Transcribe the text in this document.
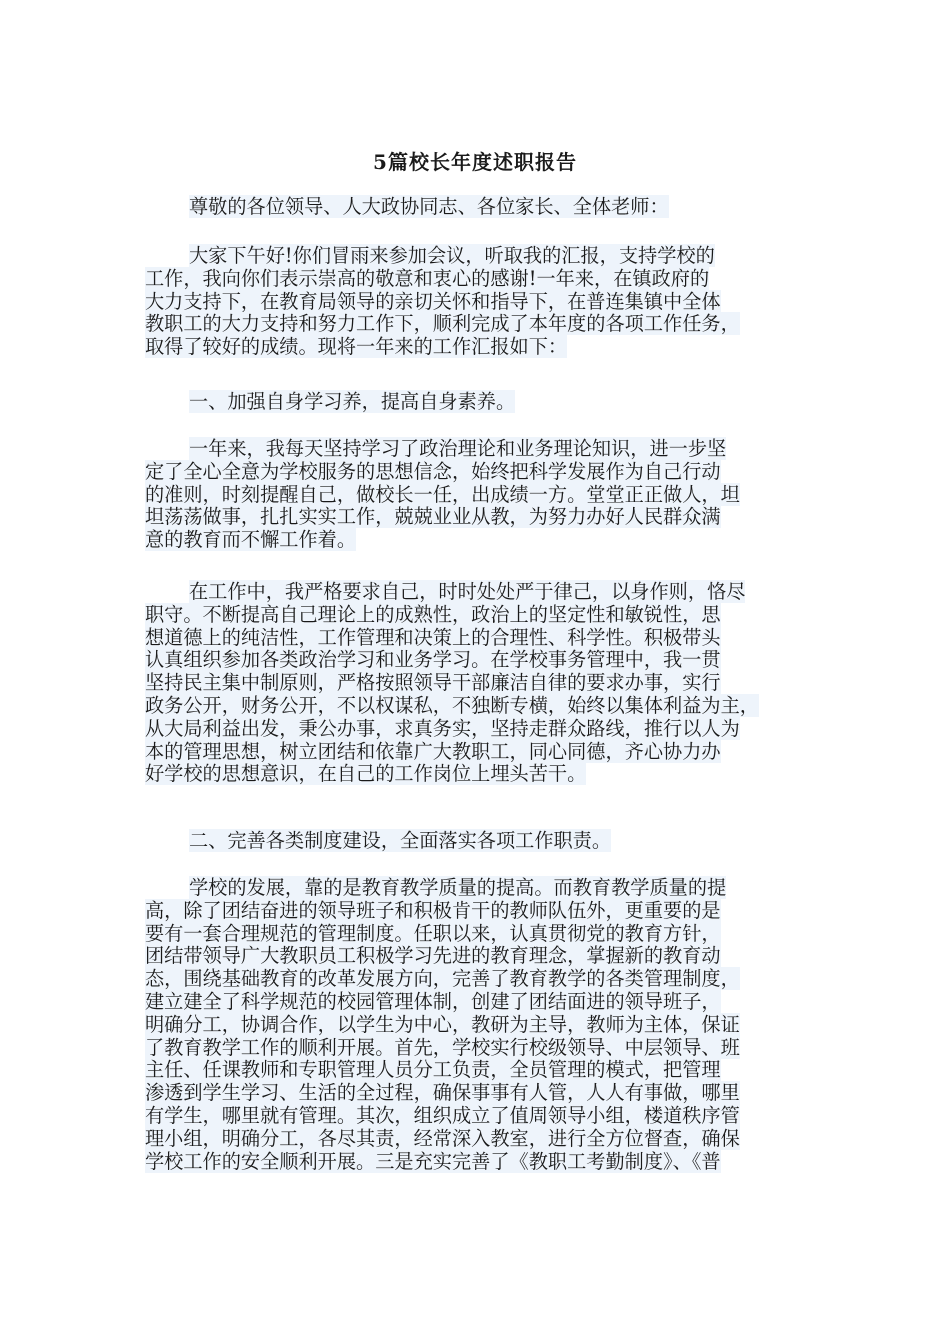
5篇校长年度述职报告
尊敬的各位领导、人大政协同志、各位家长、全体老师：
大家下午好!你们冒雨来参加会议，听取我的汇报，支持学校的
工作，我向你们表示崇高的敬意和衷心的感谢!一年来，在镇政府的
大力支持下，在教育局领导的亲切关怀和指导下，在普连集镇中全体
教职工的大力支持和努力工作下，顺利完成了本年度的各项工作任务，
取得了较好的成绩。现将一年来的工作汇报如下：
一、加强自身学习养，提高自身素养。
一年来，我每天坚持学习了政治理论和业务理论知识，进一步坚
定了全心全意为学校服务的思想信念，始终把科学发展作为自己行动
的准则，时刻提醒自己，做校长一任，出成绩一方。堂堂正正做人，坦
坦荡荡做事，扎扎实实工作，兢兢业业从教，为努力办好人民群众满
意的教育而不懈工作着。
在工作中，我严格要求自己，时时处处严于律己，以身作则，恪尽
职守。不断提高自己理论上的成熟性，政治上的坚定性和敏锐性，思
想道德上的纯洁性，工作管理和决策上的合理性、科学性。积极带头
认真组织参加各类政治学习和业务学习。在学校事务管理中，我一贯
坚持民主集中制原则，严格按照领导干部廉洁自律的要求办事，实行
政务公开，财务公开，不以权谋私，不独断专横，始终以集体利益为主，
从大局利益出发，秉公办事，求真务实，坚持走群众路线，推行以人为
本的管理思想，树立团结和依靠广大教职工，同心同德，齐心协力办
好学校的思想意识，在自己的工作岗位上埋头苦干。
二、完善各类制度建设，全面落实各项工作职责。
学校的发展，靠的是教育教学质量的提高。而教育教学质量的提
高，除了团结奋进的领导班子和积极肯干的教师队伍外，更重要的是
要有一套合理规范的管理制度。任职以来，认真贯彻党的教育方针，
团结带领导广大教职员工积极学习先进的教育理念，掌握新的教育动
态，围绕基础教育的改革发展方向，完善了教育教学的各类管理制度，
建立建全了科学规范的校园管理体制，创建了团结面进的领导班子，
明确分工，协调合作，以学生为中心，教研为主导，教师为主体，保证
了教育教学工作的顺利开展。首先，学校实行校级领导、中层领导、班
主任、任课教师和专职管理人员分工负责，全员管理的模式，把管理
渗透到学生学习、生活的全过程，确保事事有人管，人人有事做，哪里
有学生，哪里就有管理。其次，组织成立了值周领导小组，楼道秩序管
理小组，明确分工，各尽其责，经常深入教室，进行全方位督查，确保
学校工作的安全顺利开展。三是充实完善了《教职工考勤制度》、《普
